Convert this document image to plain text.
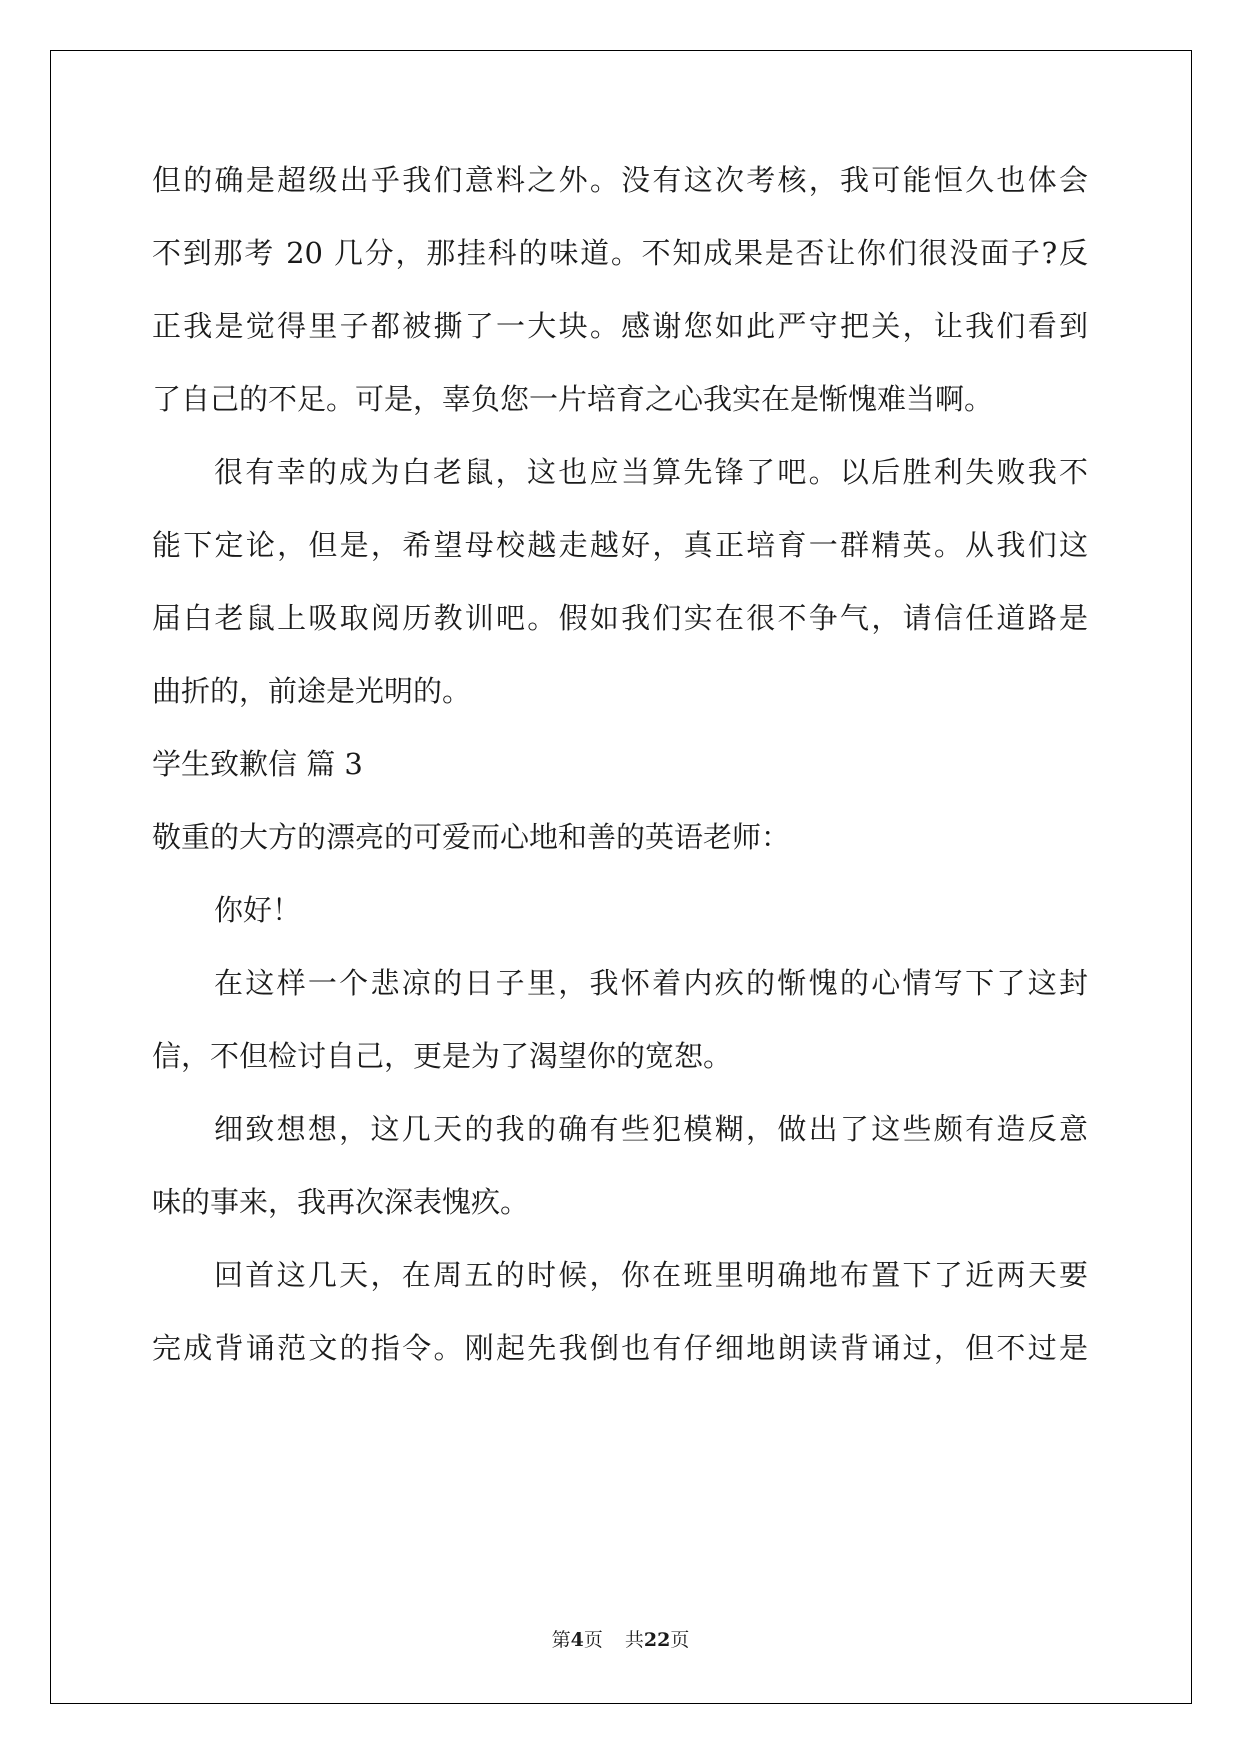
但的确是超级出乎我们意料之外。没有这次考核，我可能恒久也体会
不到那考 20 几分，那挂科的味道。不知成果是否让你们很没面子?反
正我是觉得里子都被撕了一大块。感谢您如此严守把关，让我们看到
了自己的不足。可是，辜负您一片培育之心我实在是惭愧难当啊。
很有幸的成为白老鼠，这也应当算先锋了吧。以后胜利失败我不
能下定论，但是，希望母校越走越好，真正培育一群精英。从我们这
届白老鼠上吸取阅历教训吧。假如我们实在很不争气，请信任道路是
曲折的，前途是光明的。
学生致歉信 篇 3
敬重的大方的漂亮的可爱而心地和善的英语老师：
你好！
在这样一个悲凉的日子里，我怀着内疚的惭愧的心情写下了这封
信，不但检讨自己，更是为了渴望你的宽恕。
细致想想，这几天的我的确有些犯模糊，做出了这些颇有造反意
味的事来，我再次深表愧疚。
回首这几天，在周五的时候，你在班里明确地布置下了近两天要
完成背诵范文的指令。刚起先我倒也有仔细地朗读背诵过，但不过是
第4页 共22页
